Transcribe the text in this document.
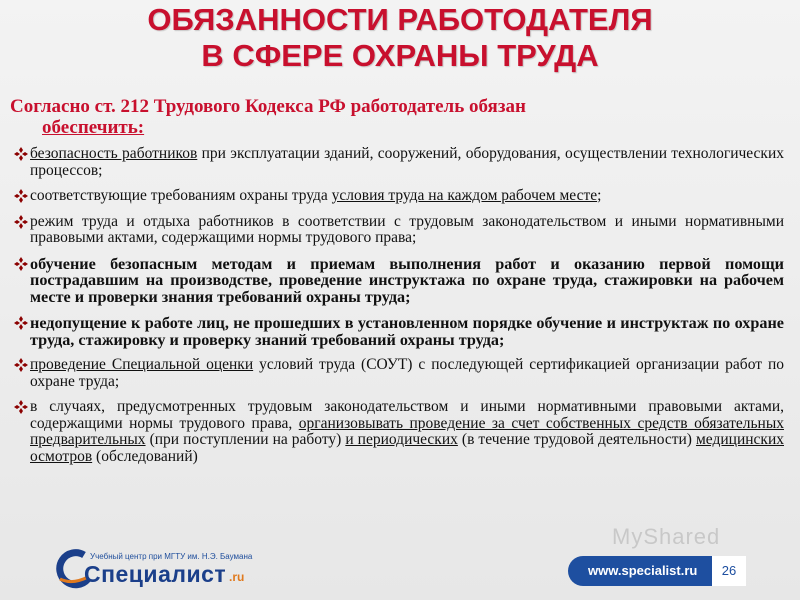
ОБЯЗАННОСТИ РАБОТОДАТЕЛЯ
В СФЕРЕ ОХРАНЫ ТРУДА
Согласно ст. 212 Трудового Кодекса РФ работодатель обязан
обеспечить:
безопасность работников при эксплуатации зданий, сооружений, оборудования, осуществлении технологических процессов;
соответствующие требованиям охраны труда условия труда на каждом рабочем месте;
режим труда и отдыха работников в соответствии с трудовым законодательством и иными нормативными правовыми актами, содержащими нормы трудового права;
обучение безопасным методам и приемам выполнения работ и оказанию первой помощи пострадавшим на производстве, проведение инструктажа по охране труда, стажировки на рабочем месте и проверки знания требований охраны труда;
недопущение к работе лиц, не прошедших в установленном порядке обучение и инструктаж по охране труда, стажировку и проверку знаний требований охраны труда;
проведение Специальной оценки условий труда (СОУТ) с последующей сертификацией организации работ по охране труда;
в случаях, предусмотренных трудовым законодательством и иными нормативными правовыми актами, содержащими нормы трудового права, организовывать проведение за счет собственных средств обязательных предварительных (при поступлении на работу) и периодических (в течение трудовой деятельности) медицинских осмотров (обследований)
MyShared
Учебный центр при МГТУ им. Н.Э. Баумана
Специалист .ru	www.specialist.ru	26
